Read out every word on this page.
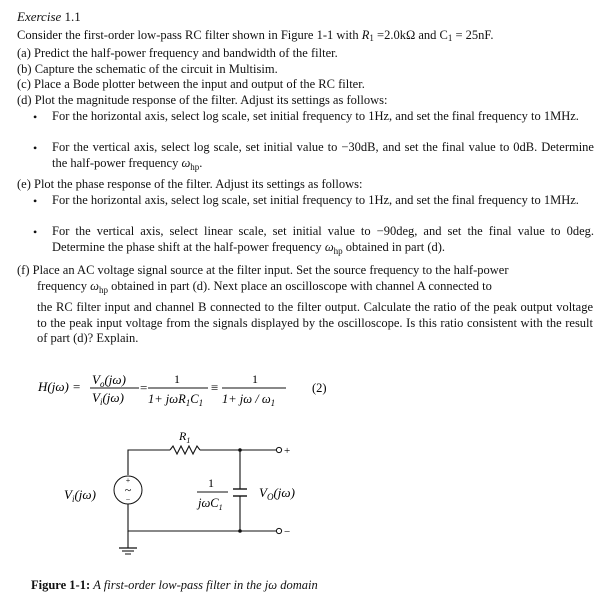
Exercise 1.1
Consider the first-order low-pass RC filter shown in Figure 1-1 with R1 =2.0kΩ and C1 = 25nF.
(a) Predict the half-power frequency and bandwidth of the filter.
(b) Capture the schematic of the circuit in Multisim.
(c) Place a Bode plotter between the input and output of the RC filter.
(d) Plot the magnitude response of the filter. Adjust its settings as follows:
•	For the horizontal axis, select log scale, set initial frequency to 1Hz, and set the final frequency to 1MHz.
•	For the vertical axis, select log scale, set initial value to −30dB, and set the final value to 0dB. Determine the half-power frequency $\omega_{hp}$.
(e) Plot the phase response of the filter. Adjust its settings as follows:
•	For the horizontal axis, select log scale, set initial frequency to 1Hz, and set the final frequency to 1MHz.
•	For the vertical axis, select linear scale, set initial value to −90deg, and set the final value to 0deg. Determine the phase shift at the half-power frequency $\omega_{hp}$ obtained in part (d).
(f) Place an AC voltage signal source at the filter input. Set the source frequency to the half-power
frequency $\omega_{hp}$ obtained in part (d). Next place an oscilloscope with channel A connected to
the RC filter input and channel B connected to the filter output. Calculate the ratio of the peak output voltage to the peak input voltage from the signals displayed by the oscilloscope. Is this ratio consistent with the result of part (d)? Explain.
$H(j\omega) = V_o(j\omega)$
$V_i(j\omega)$
=
1
$1+ j\omega R_1C_1$
≡
1
$1+ j\omega / \omega_1$
(2)
+
−
+
~
−
$R_1$
$V_i(j\omega)$
1
jωC$_1$
$V_O(j\omega)$
Figure 1-1: A first-order low-pass filter in the jω domain
